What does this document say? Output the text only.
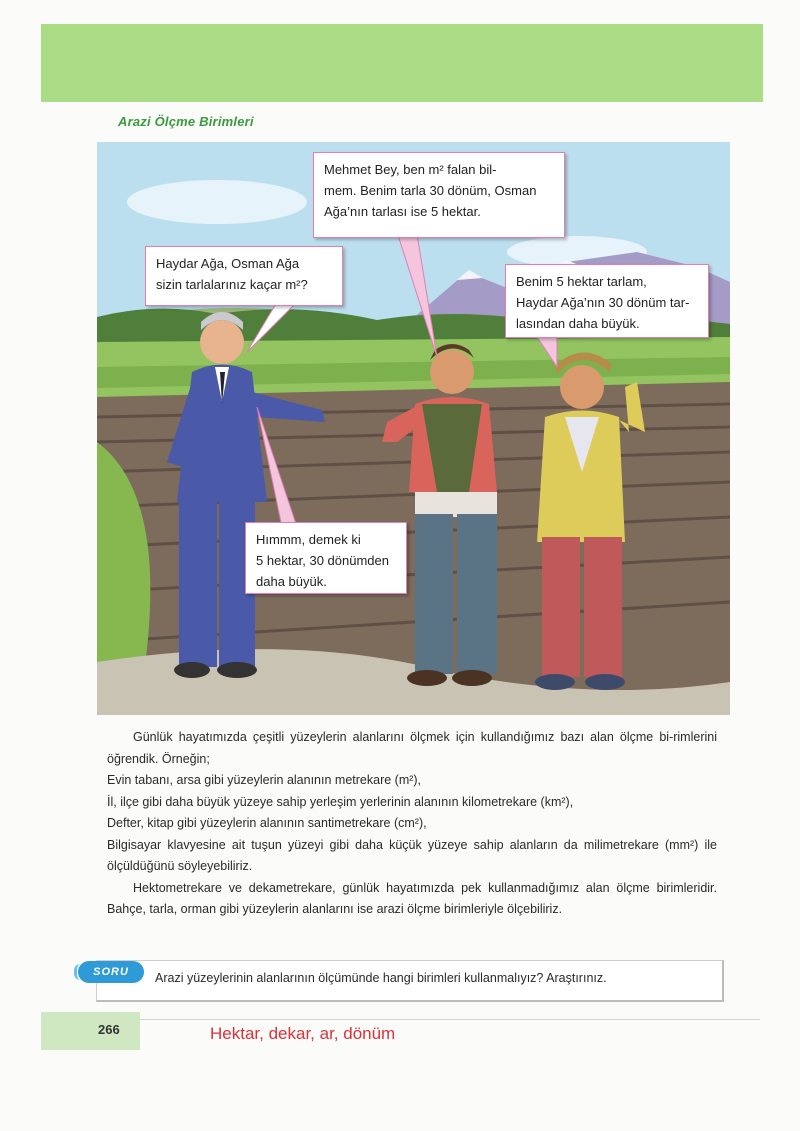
Arazi Ölçme Birimleri
Mehmet Bey, ben m² falan bil-
mem. Benim tarla 30 dönüm, Osman
Ağa’nın tarlası ise 5 hektar.
Haydar Ağa, Osman Ağa
sizin tarlalarınız kaçar m²?	Benim 5 hektar tarlam,
Haydar Ağa’nın 30 dönüm tar-
lasından daha büyük.
Hımmm, demek ki
5 hektar, 30 dönümden
daha büyük.

Günlük hayatımızda çeşitli yüzeylerin alanlarını ölçmek için kullandığımız bazı alan ölçme bi-rimlerini öğrendik. Örneğin;

Evin tabanı, arsa gibi yüzeylerin alanının metrekare (m²),

İl, ilçe gibi daha büyük yüzeye sahip yerleşim yerlerinin alanının kilometrekare (km²),

Defter, kitap gibi yüzeylerin alanının santimetrekare (cm²),

Bilgisayar klavyesine ait tuşun yüzeyi gibi daha küçük yüzeye sahip alanların da milimetrekare (mm²) ile ölçüldüğünü söyleyebiliriz.

Hektometrekare ve dekametrekare, günlük hayatımızda pek kullanmadığımız alan ölçme birimleridir. Bahçe, tarla, orman gibi yüzeylerin alanlarını ise arazi ölçme birimleriyle ölçebiliriz.

SORU	Arazi yüzeylerinin alanlarının ölçümünde hangi birimleri kullanmalıyız? Araştırınız.
266	Hektar, dekar, ar, dönüm
